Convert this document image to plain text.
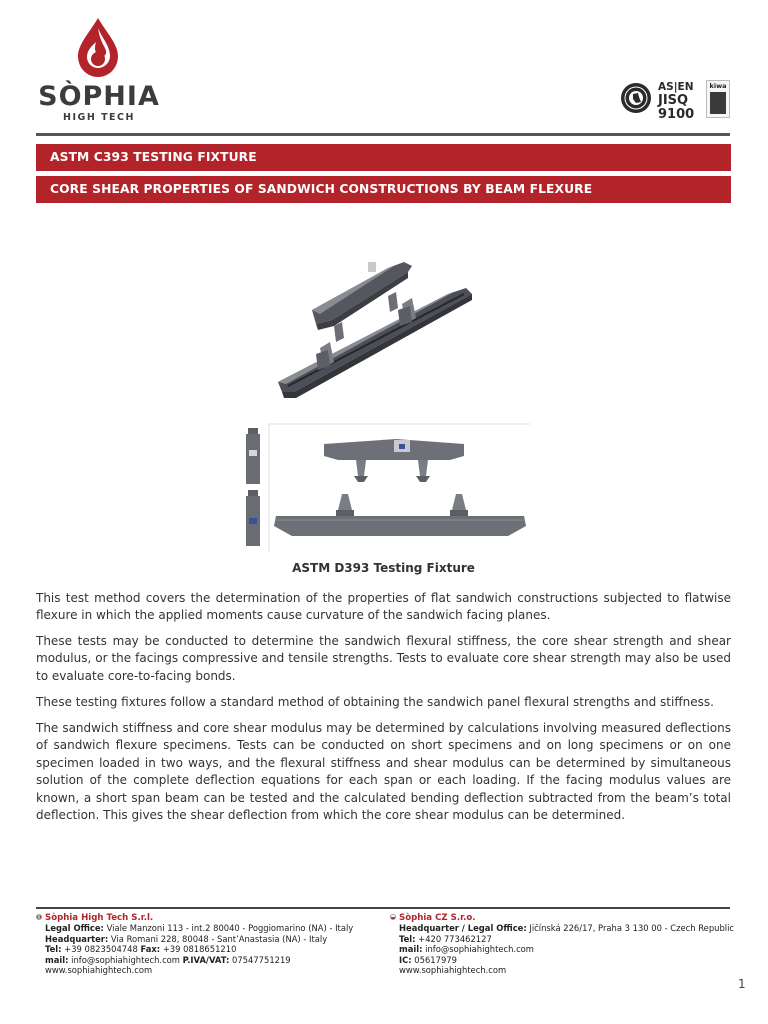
SÒPHIA
HIGH TECH
AS|EN
JISQ
9100
kiwa
ASTM C393 TESTING FIXTURE
CORE SHEAR PROPERTIES OF SANDWICH CONSTRUCTIONS BY BEAM FLEXURE
ASTM D393 Testing Fixture

This test method covers the determination of the properties of flat sandwich constructions subjected to flatwise flexure in which the applied moments cause curvature of the sandwich facing planes.

These tests may be conducted to determine the sandwich flexural stiffness, the core shear strength and shear modulus, or the facings compressive and tensile strengths. Tests to evaluate core shear strength may also be used to evaluate core-to-facing bonds.

These testing fixtures follow a standard method of obtaining the sandwich panel flexural strengths and stiffness.

The sandwich stiffness and core shear modulus may be determined by calculations involving measured deflections of sandwich flexure specimens. Tests can be conducted on short specimens and on long specimens or on one specimen loaded in two ways, and the flexural stiffness and shear modulus can be determined by simultaneous solution of the complete deflection equations for each span or each loading. If the facing modulus values are known, a short span beam can be tested and the calculated bending deflection subtracted from the beam’s total deflection. This gives the shear deflection from which the core shear modulus can be determined.

Sòphia High Tech S.r.l.
Legal Office: Viale Manzoni 113 - int.2 80040 - Poggiomarino (NA) - Italy
Headquarter: Via Romani 228, 80048 - Sant’Anastasia (NA) - Italy
Tel: +39 0823504748 Fax: +39 0818651210
mail: info@sophiahightech.com P.IVA/VAT: 07547751219
www.sophiahightech.com
Sòphia CZ S.r.o.
Headquarter / Legal Office: Jičínská 226/17, Praha 3 130 00 - Czech Republic
Tel: +420 773462127
mail: info@sophiahightech.com
IC: 05617979
www.sophiahightech.com
1
